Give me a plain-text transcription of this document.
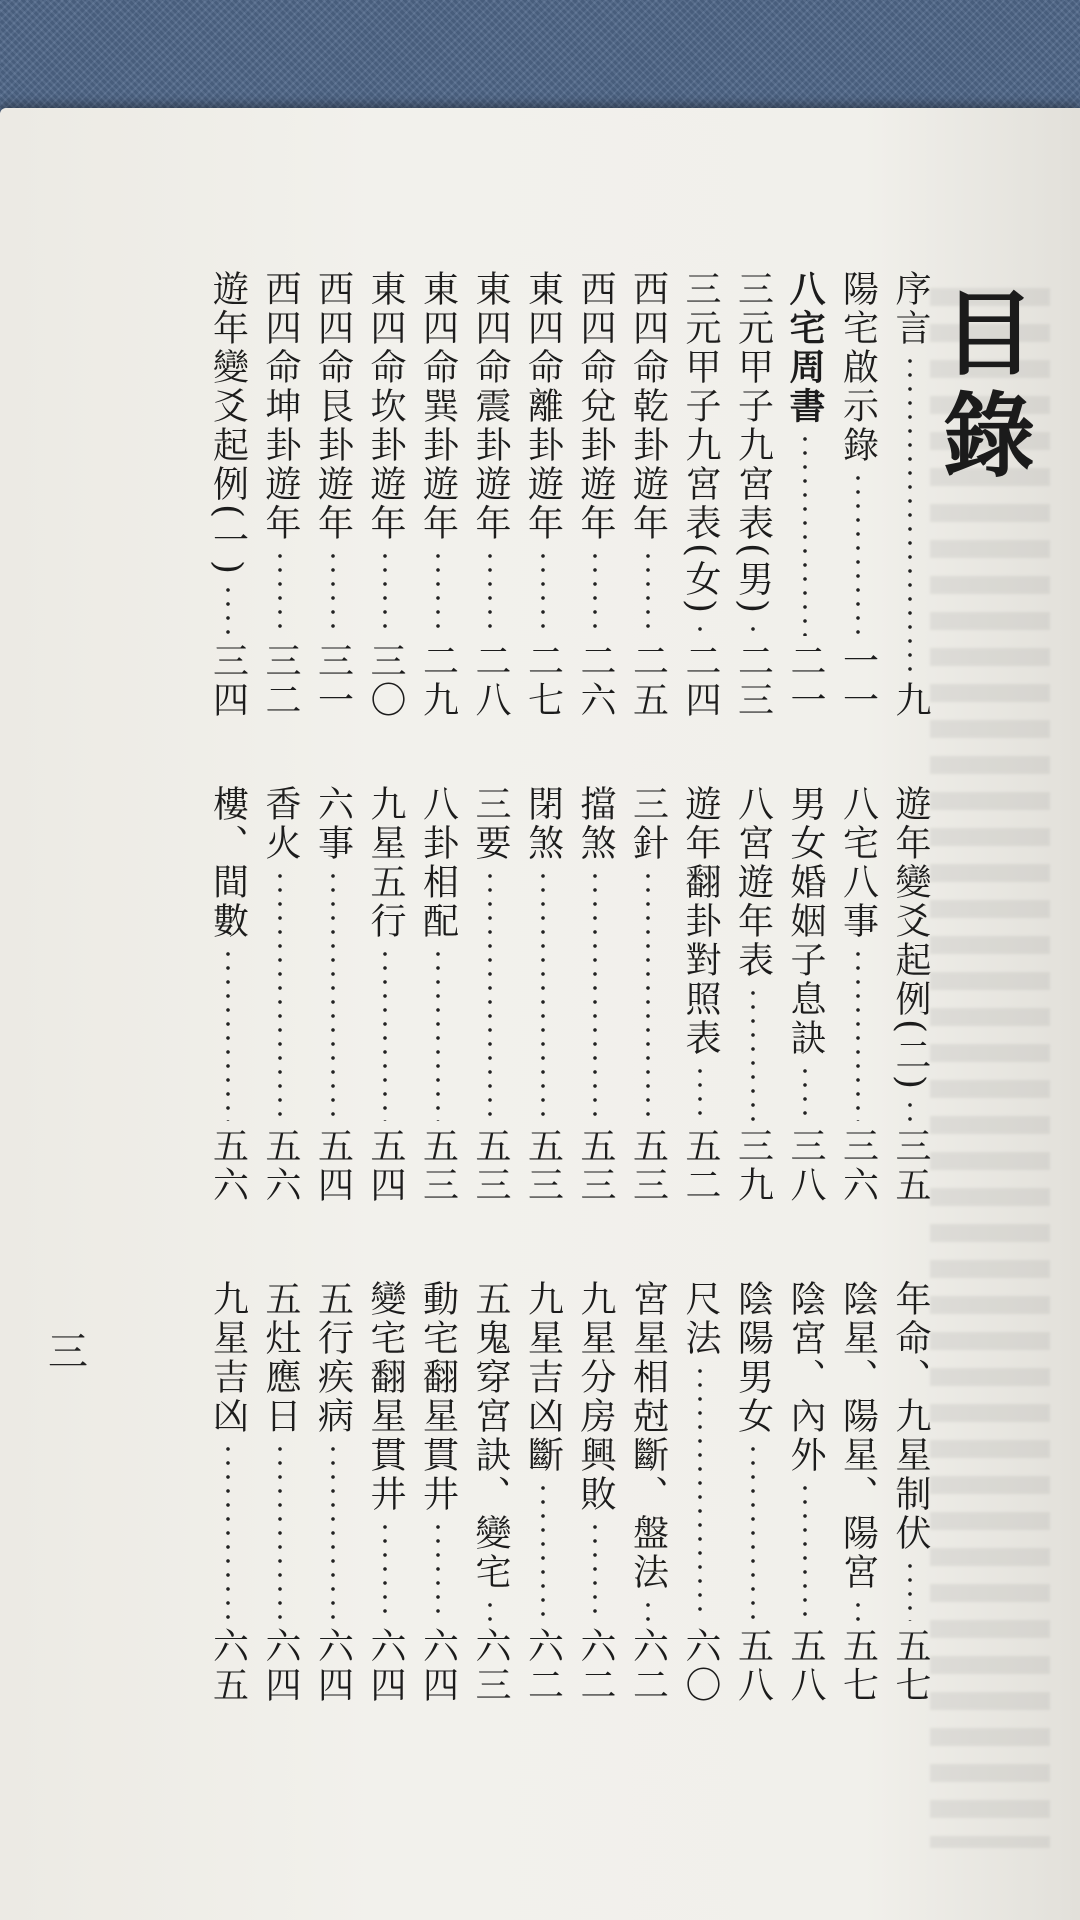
目錄
序言
九
陽宅啟示錄
一一
八宅周書
二一
三元甲子九宮表(男)
二三
三元甲子九宮表(女)
二四
西四命乾卦遊年
二五
西四命兌卦遊年
二六
東四命離卦遊年
二七
東四命震卦遊年
二八
東四命巽卦遊年
二九
東四命坎卦遊年
三〇
西四命艮卦遊年
三一
西四命坤卦遊年
三二
遊年變爻起例(一)
三四
遊年變爻起例(二)
三五
八宅八事
三六
男女婚姻子息訣
三八
八宮遊年表
三九
遊年翻卦對照表
五二
三針
五三
擋煞
五三
閉煞
五三
三要
五三
八卦相配
五三
九星五行
五四
六事
五四
香火
五六
樓、間數
五六
年命、九星制伏
五七
陰星、陽星、陽宮
五七
陰宮、內外
五八
陰陽男女
五八
尺法
六〇
宮星相尅斷、盤法
六二
九星分房興敗
六二
九星吉凶斷
六二
五鬼穿宮訣、變宅
六三
動宅翻星貫井
六四
變宅翻星貫井
六四
五行疾病
六四
五灶應日
六四
九星吉凶
六五
三
